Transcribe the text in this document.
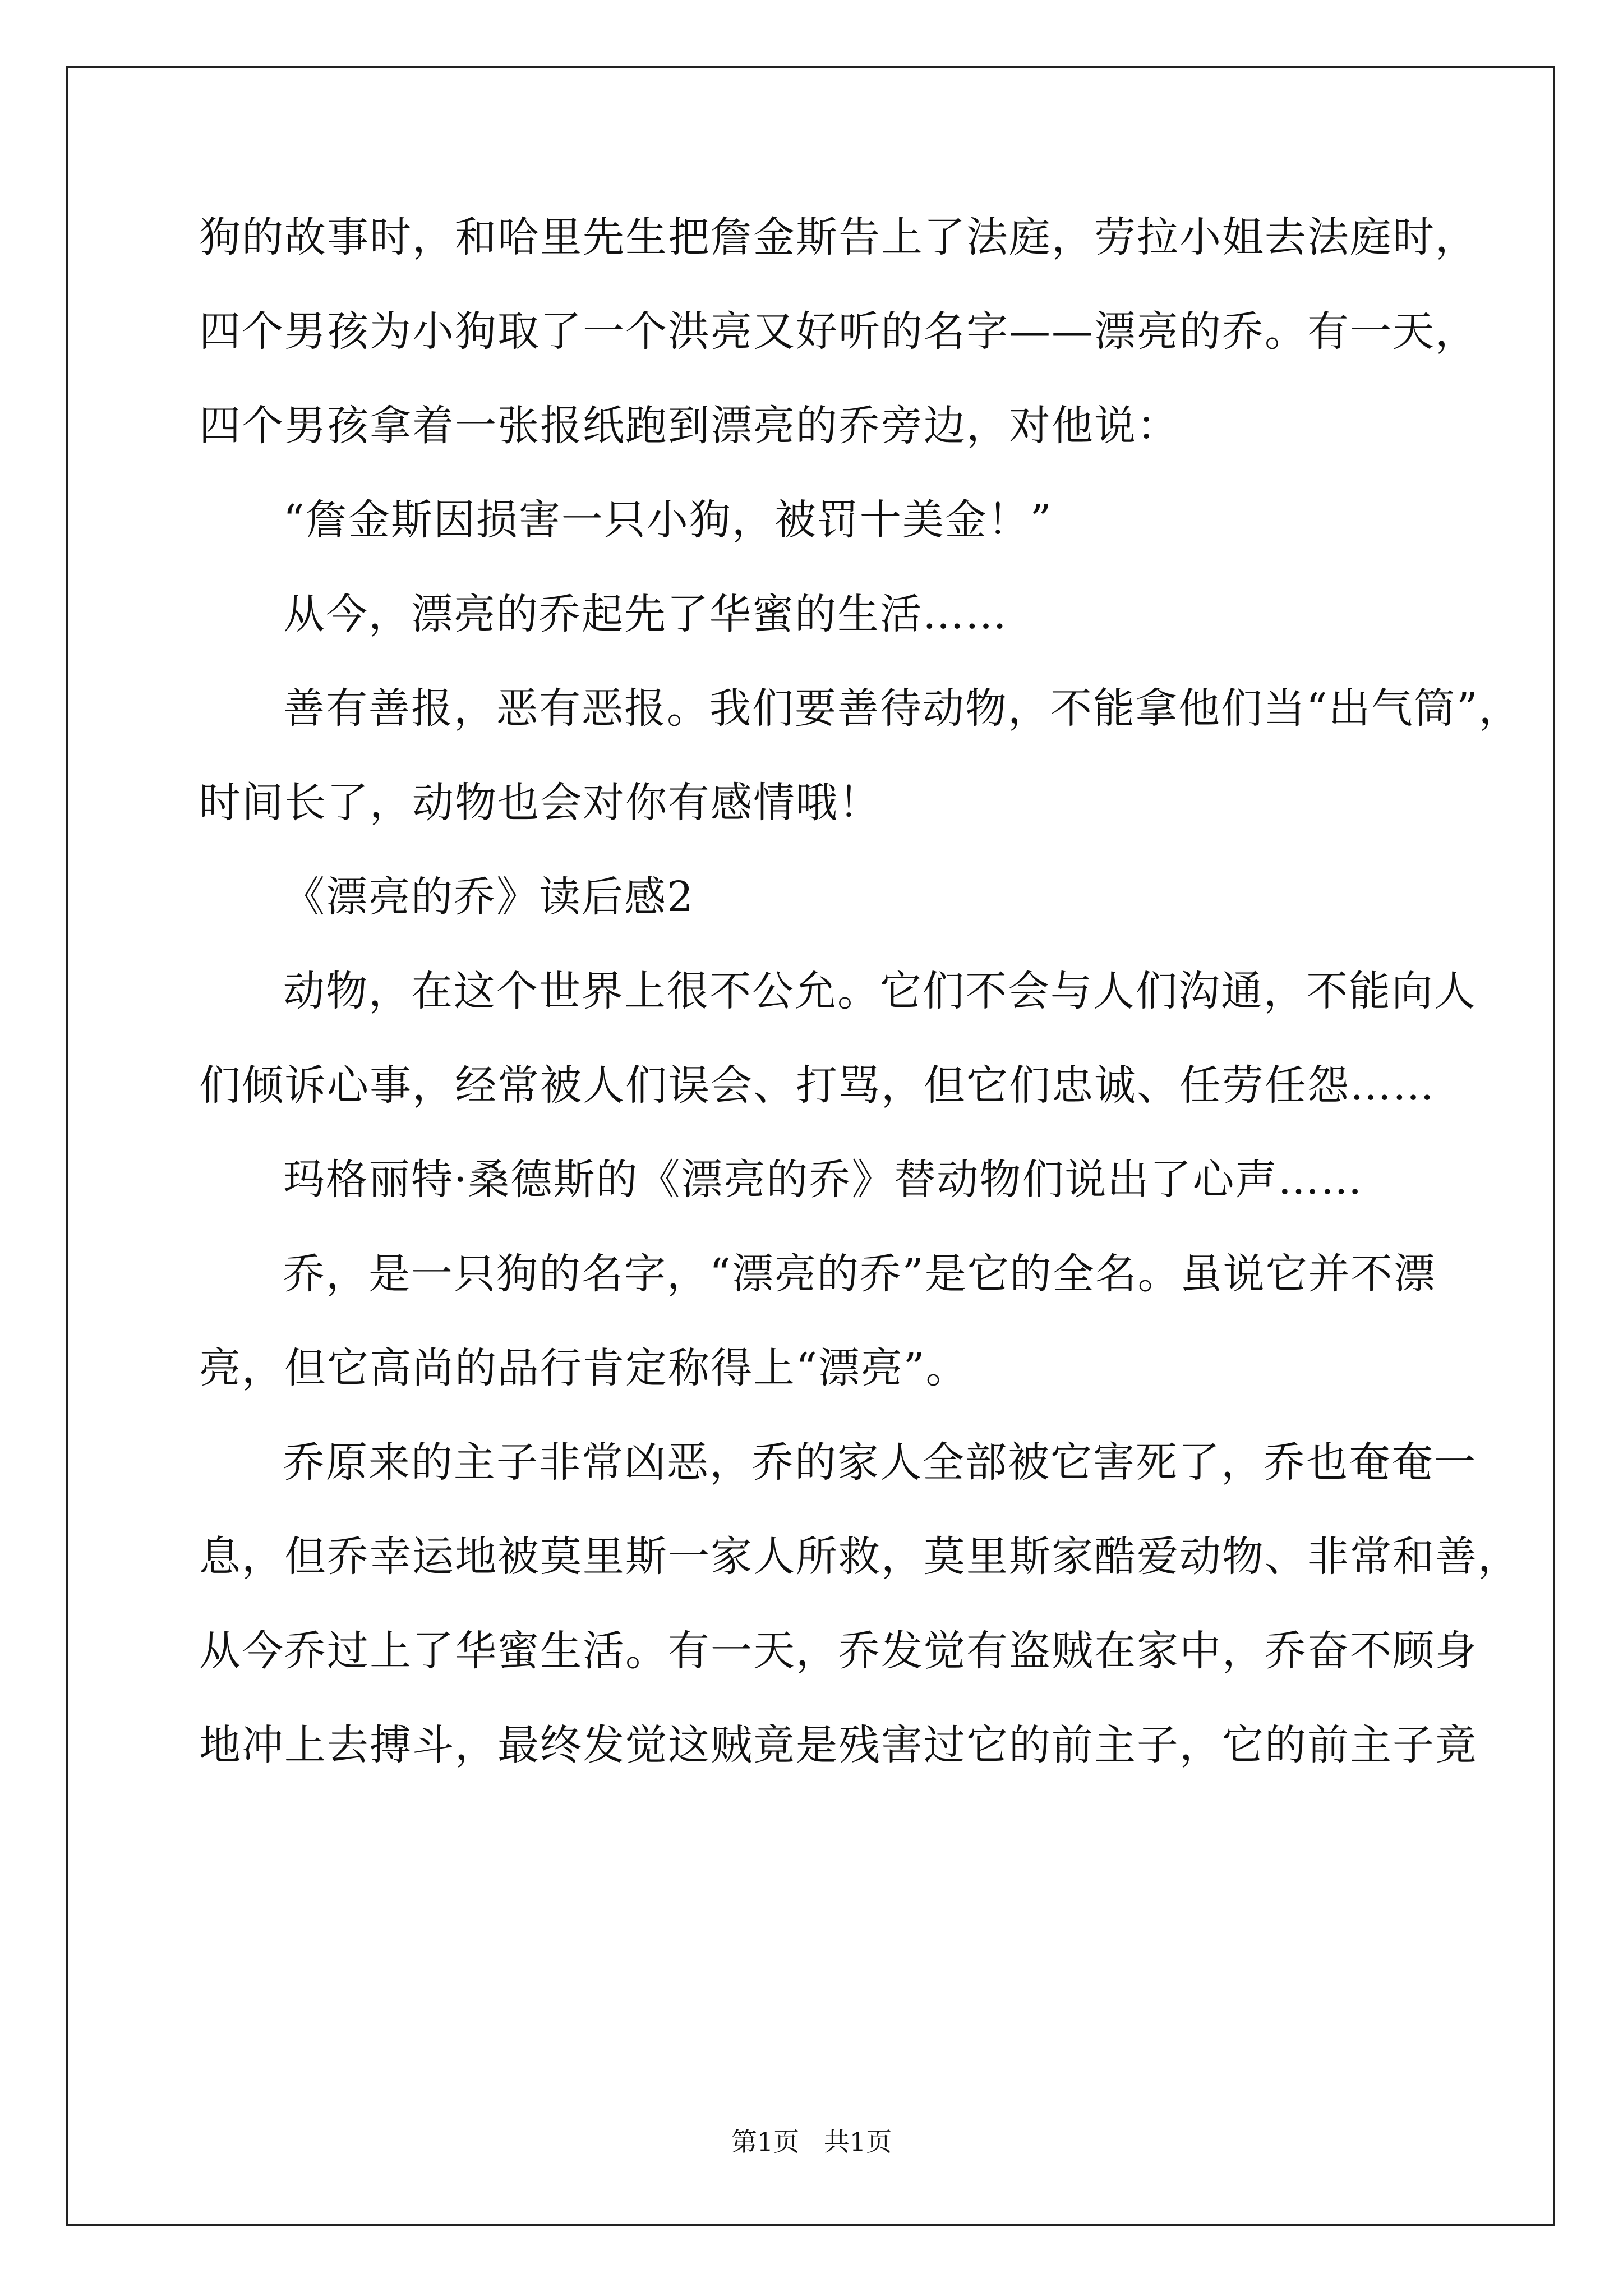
狗的故事时，和哈里先生把詹金斯告上了法庭，劳拉小姐去法庭时，
四个男孩为小狗取了一个洪亮又好听的名字——漂亮的乔。有一天，
四个男孩拿着一张报纸跑到漂亮的乔旁边，对他说：
“詹金斯因损害一只小狗，被罚十美金！”
从今，漂亮的乔起先了华蜜的生活……
善有善报，恶有恶报。我们要善待动物，不能拿他们当“出气筒”，
时间长了，动物也会对你有感情哦！
《漂亮的乔》读后感2
动物，在这个世界上很不公允。它们不会与人们沟通，不能向人
们倾诉心事，经常被人们误会、打骂，但它们忠诚、任劳任怨……
玛格丽特·桑德斯的《漂亮的乔》替动物们说出了心声……
乔，是一只狗的名字，“漂亮的乔”是它的全名。虽说它并不漂
亮，但它高尚的品行肯定称得上“漂亮”。
乔原来的主子非常凶恶，乔的家人全部被它害死了，乔也奄奄一
息，但乔幸运地被莫里斯一家人所救，莫里斯家酷爱动物、非常和善，
从今乔过上了华蜜生活。有一天，乔发觉有盗贼在家中，乔奋不顾身
地冲上去搏斗，最终发觉这贼竟是残害过它的前主子，它的前主子竟
第1页   共1页
